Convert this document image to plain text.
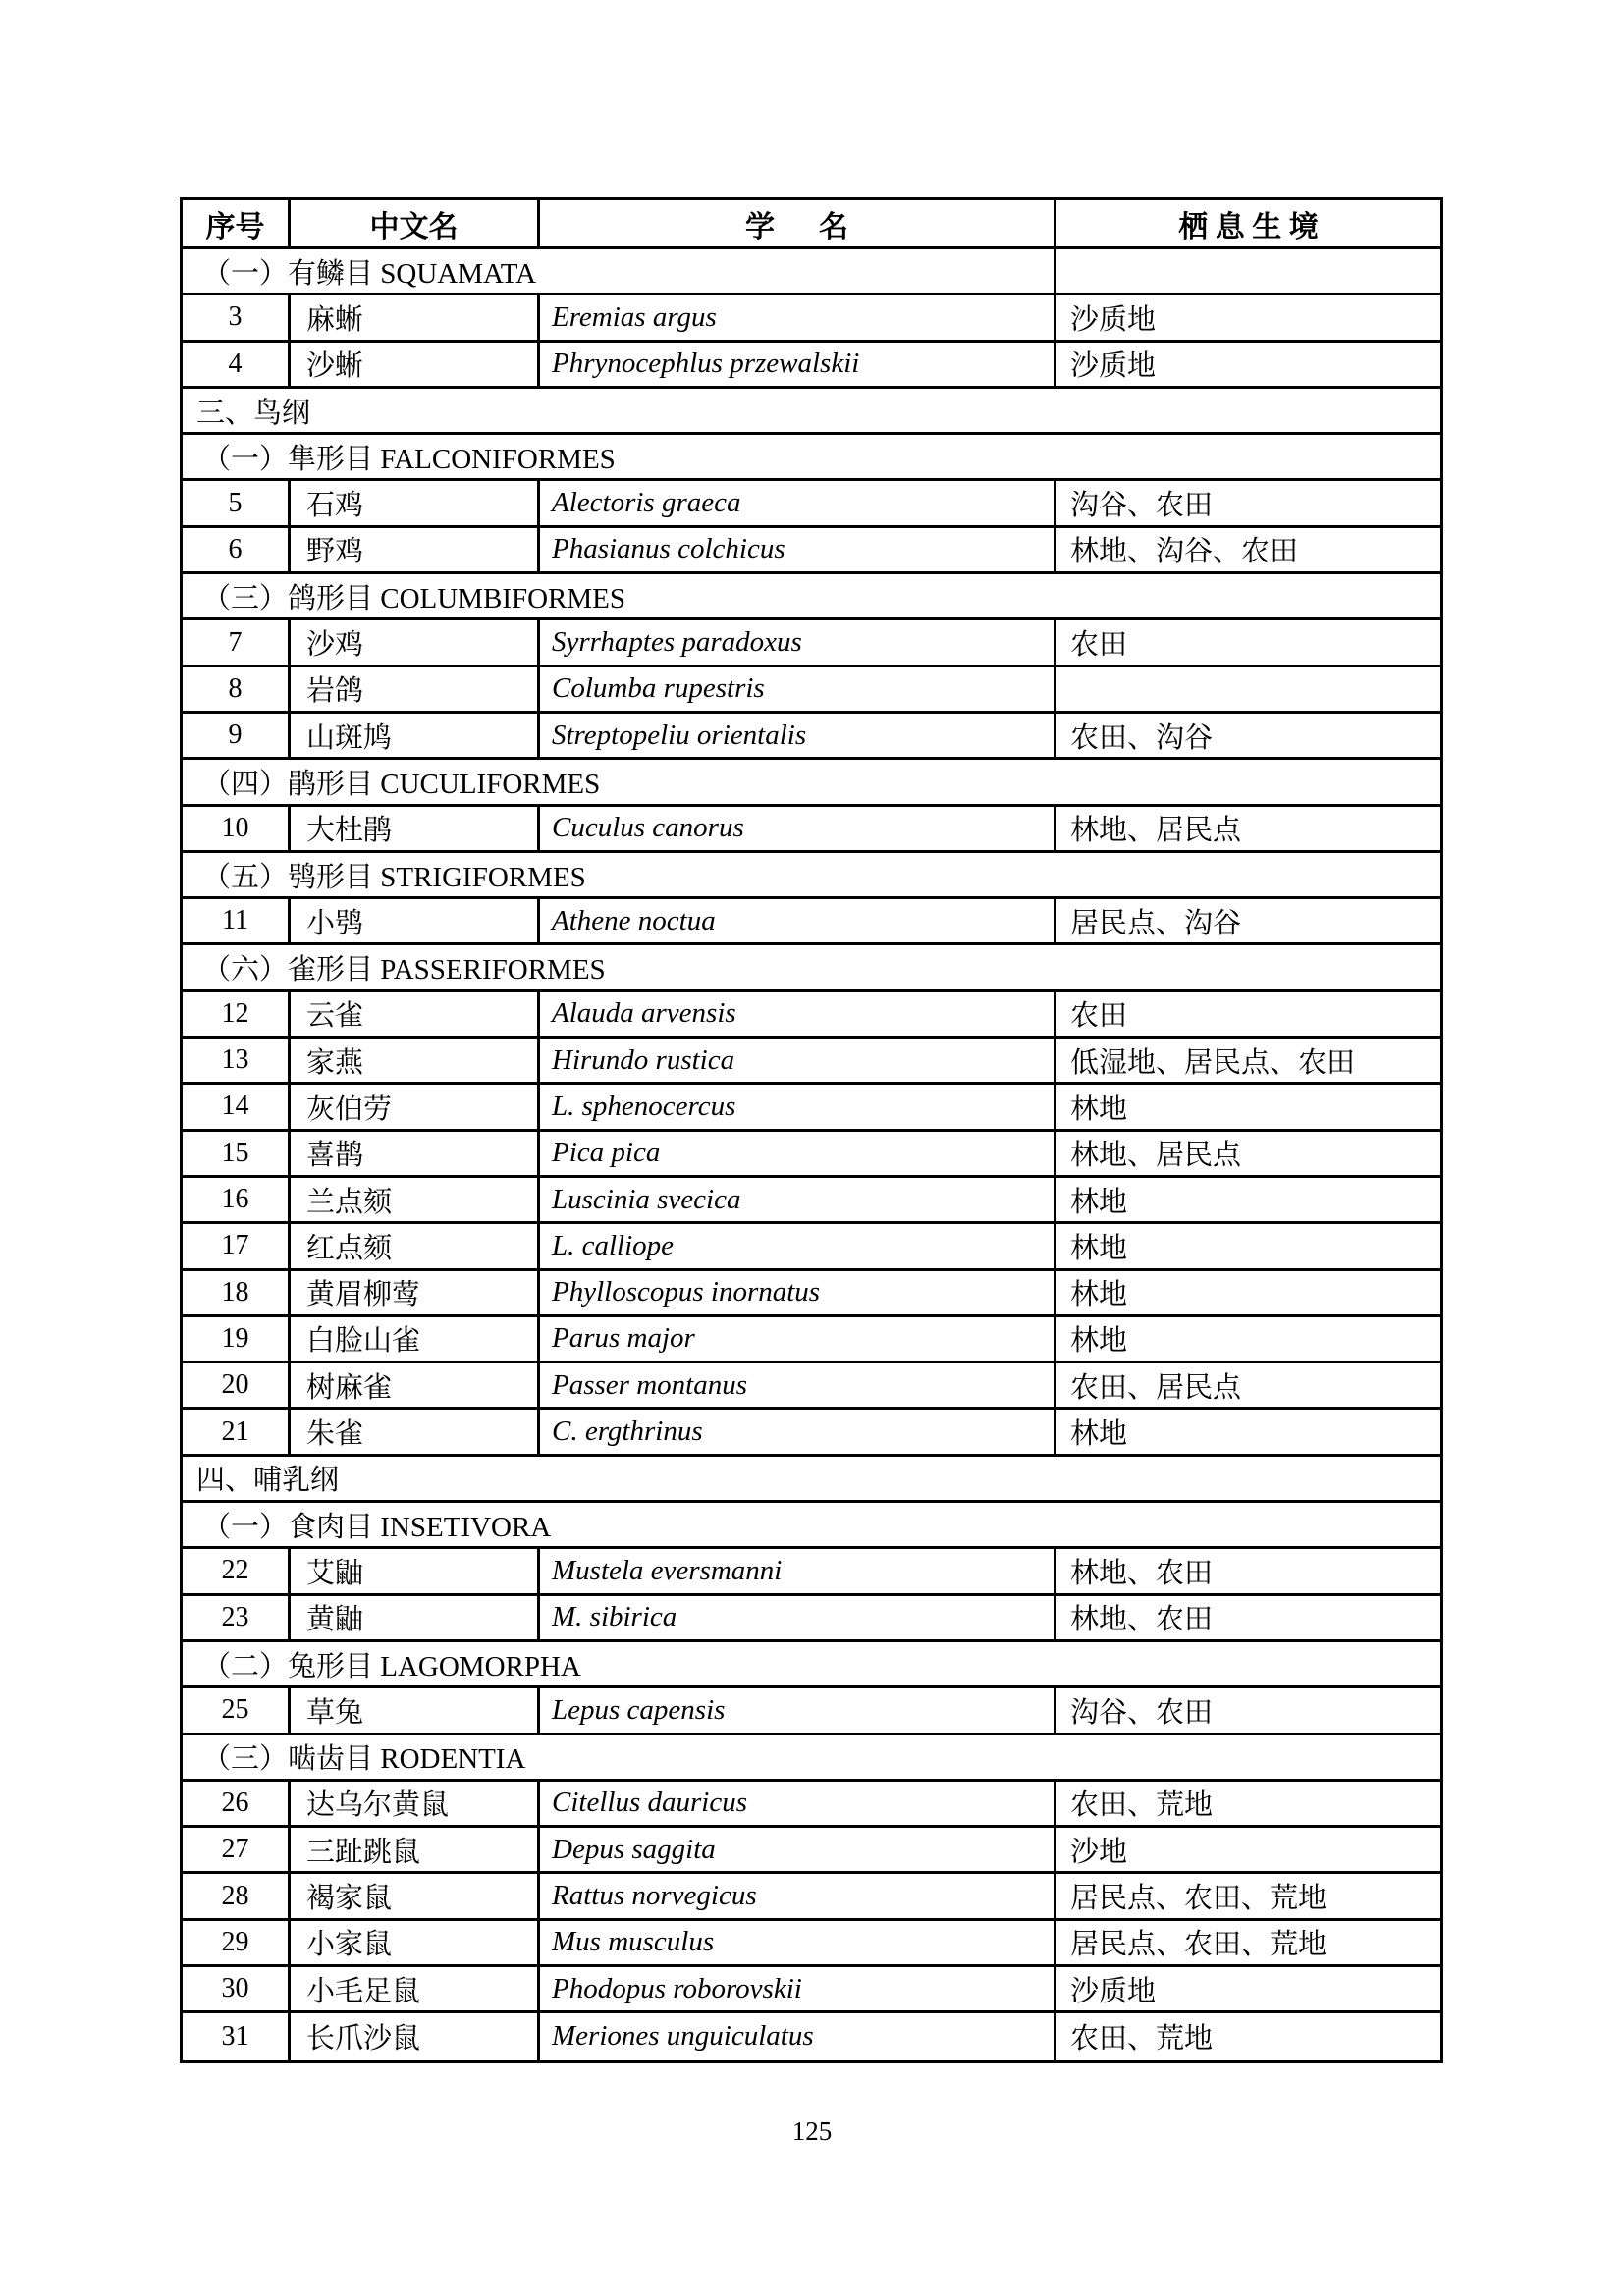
序号	中文名	学      名	栖 息 生 境
（一）有鳞目 SQUAMATA
3	麻蜥	Eremias argus	沙质地
4	沙蜥	Phrynocephlus przewalskii	沙质地
三、鸟纲
（一）隼形目 FALCONIFORMES
5	石鸡	Alectoris graeca	沟谷、农田
6	野鸡	Phasianus colchicus	林地、沟谷、农田
（三）鸽形目 COLUMBIFORMES
7	沙鸡	Syrrhaptes paradoxus	农田
8	岩鸽	Columba rupestris
9	山斑鸠	Streptopeliu orientalis	农田、沟谷
（四）鹃形目 CUCULIFORMES
10	大杜鹃	Cuculus canorus	林地、居民点
（五）鸮形目 STRIGIFORMES
11	小鸮	Athene noctua	居民点、沟谷
（六）雀形目 PASSERIFORMES
12	云雀	Alauda arvensis	农田
13	家燕	Hirundo rustica	低湿地、居民点、农田
14	灰伯劳	L. sphenocercus	林地
15	喜鹊	Pica pica	林地、居民点
16	兰点颏	Luscinia svecica	林地
17	红点颏	L. calliope	林地
18	黄眉柳莺	Phylloscopus inornatus	林地
19	白脸山雀	Parus major	林地
20	树麻雀	Passer montanus	农田、居民点
21	朱雀	C. ergthrinus	林地
四、哺乳纲
（一）食肉目 INSETIVORA
22	艾鼬	Mustela eversmanni	林地、农田
23	黄鼬	M. sibirica	林地、农田
（二）兔形目 LAGOMORPHA
25	草兔	Lepus capensis	沟谷、农田
（三）啮齿目 RODENTIA
26	达乌尔黄鼠	Citellus dauricus	农田、荒地
27	三趾跳鼠	Depus saggita	沙地
28	褐家鼠	Rattus norvegicus	居民点、农田、荒地
29	小家鼠	Mus musculus	居民点、农田、荒地
30	小毛足鼠	Phodopus roborovskii	沙质地
31	长爪沙鼠	Meriones unguiculatus	农田、荒地
125
